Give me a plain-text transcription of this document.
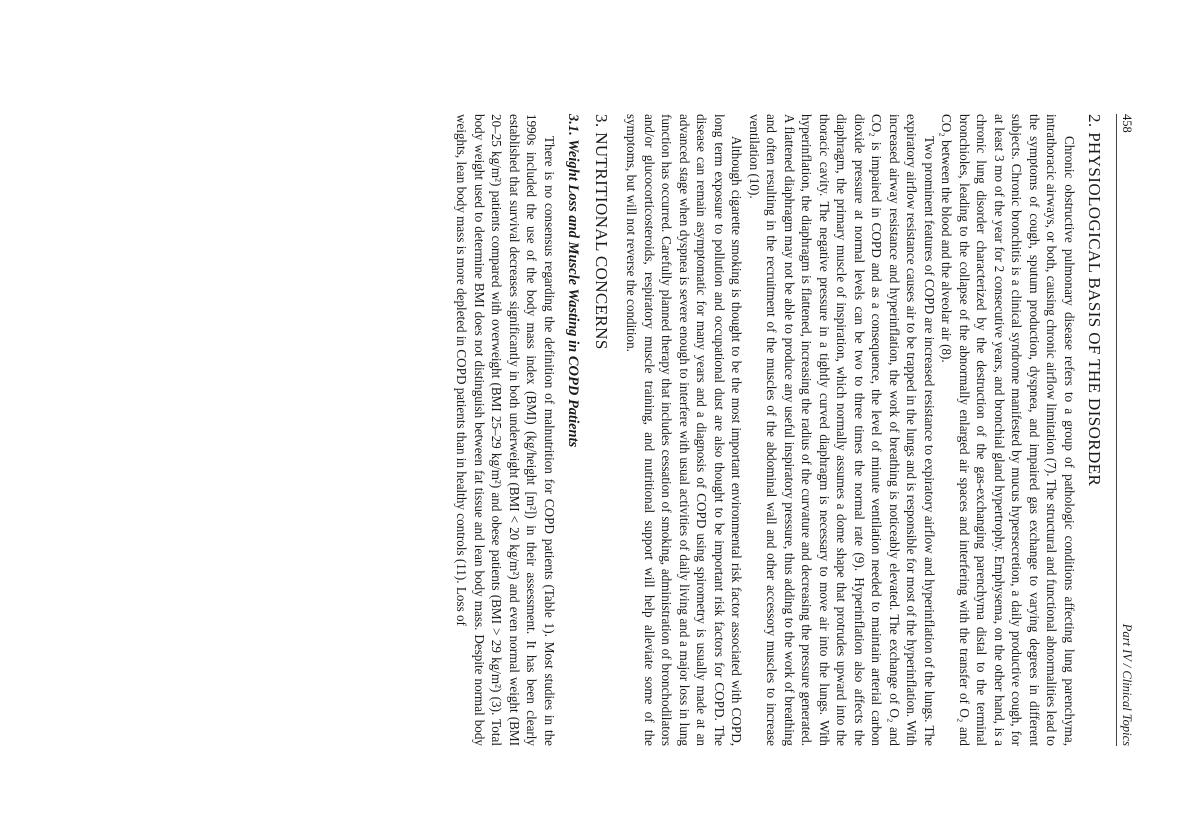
458
Part IV / Clinical Topics
2. PHYSIOLOGICAL BASIS OF THE DISORDER

Chronic obstructive pulmonary disease refers to a group of pathologic conditions affecting lung parenchyma, intrathoracic airways, or both, causing chronic airflow limitation (7). The structural and functional abnormalities lead to the symptoms of cough, sputum production, dyspnea, and impaired gas exchange to varying degrees in different subjects. Chronic bronchitis is a clinical syndrome manifested by mucus hypersecretion, a daily productive cough, for at least 3 mo of the year for 2 consecutive years, and bronchial gland hypertrophy. Emphysema, on the other hand, is a chronic lung disorder characterized by the destruction of the gas-exchanging parenchyma distal to the terminal bronchioles, leading to the collapse of the abnormally enlarged air spaces and interfering with the transfer of O₂ and CO₂ between the blood and the alveolar air (8).

Two prominent features of COPD are increased resistance to expiratory airflow and hyperinflation of the lungs. The expiratory airflow resistance causes air to be trapped in the lungs and is responsible for most of the hyperinflation. With increased airway resistance and hyperinflation, the work of breathing is noticeably elevated. The exchange of O₂ and CO₂ is impaired in COPD and as a consequence, the level of minute ventilation needed to maintain arterial carbon dioxide pressure at normal levels can be two to three times the normal rate (9). Hyperinflation also affects the diaphragm, the primary muscle of inspiration, which normally assumes a dome shape that protrudes upward into the thoracic cavity. The negative pressure in a tightly curved diaphragm is necessary to move air into the lungs. With hyperinflation, the diaphragm is flattened, increasing the radius of the curvature and decreasing the pressure generated. A flattened diaphragm may not be able to produce any useful inspiratory pressure, thus adding to the work of breathing and often resulting in the recruitment of the muscles of the abdominal wall and other accessory muscles to increase ventilation (10).

Although cigarette smoking is thought to be the most important environmental risk factor associated with COPD, long term exposure to pollution and occupational dust are also thought to be important risk factors for COPD. The disease can remain asymptomatic for many years and a diagnosis of COPD using spirometry is usually made at an advanced stage when dyspnea is severe enough to interfere with usual activities of daily living and a major loss in lung function has occurred. Carefully planned therapy that includes cessation of smoking, administration of bronchodilators and/or glucocorticosteroids, respiratory muscle training, and nutritional support will help alleviate some of the symptoms, but will not reverse the condition.

3. NUTRITIONAL CONCERNS
3.1. Weight Loss and Muscle Wasting in COPD Patients

There is no consensus regarding the definition of malnutrition for COPD patients (Table 1). Most studies in the 1990s included the use of the body mass index (BMI) (kg/height [m²]) in their assessment. It has been clearly established that survival decreases significantly in both underweight (BMI < 20 kg/m²) and even normal weight (BMI 20–25 kg/m²) patients compared with overweight (BMI 25–29 kg/m²) and obese patients (BMI > 29 kg/m²) (3). Total body weight used to determine BMI does not distinguish between fat tissue and lean body mass. Despite normal body weights, lean body mass is more depleted in COPD patients than in healthy controls (11). Loss of
